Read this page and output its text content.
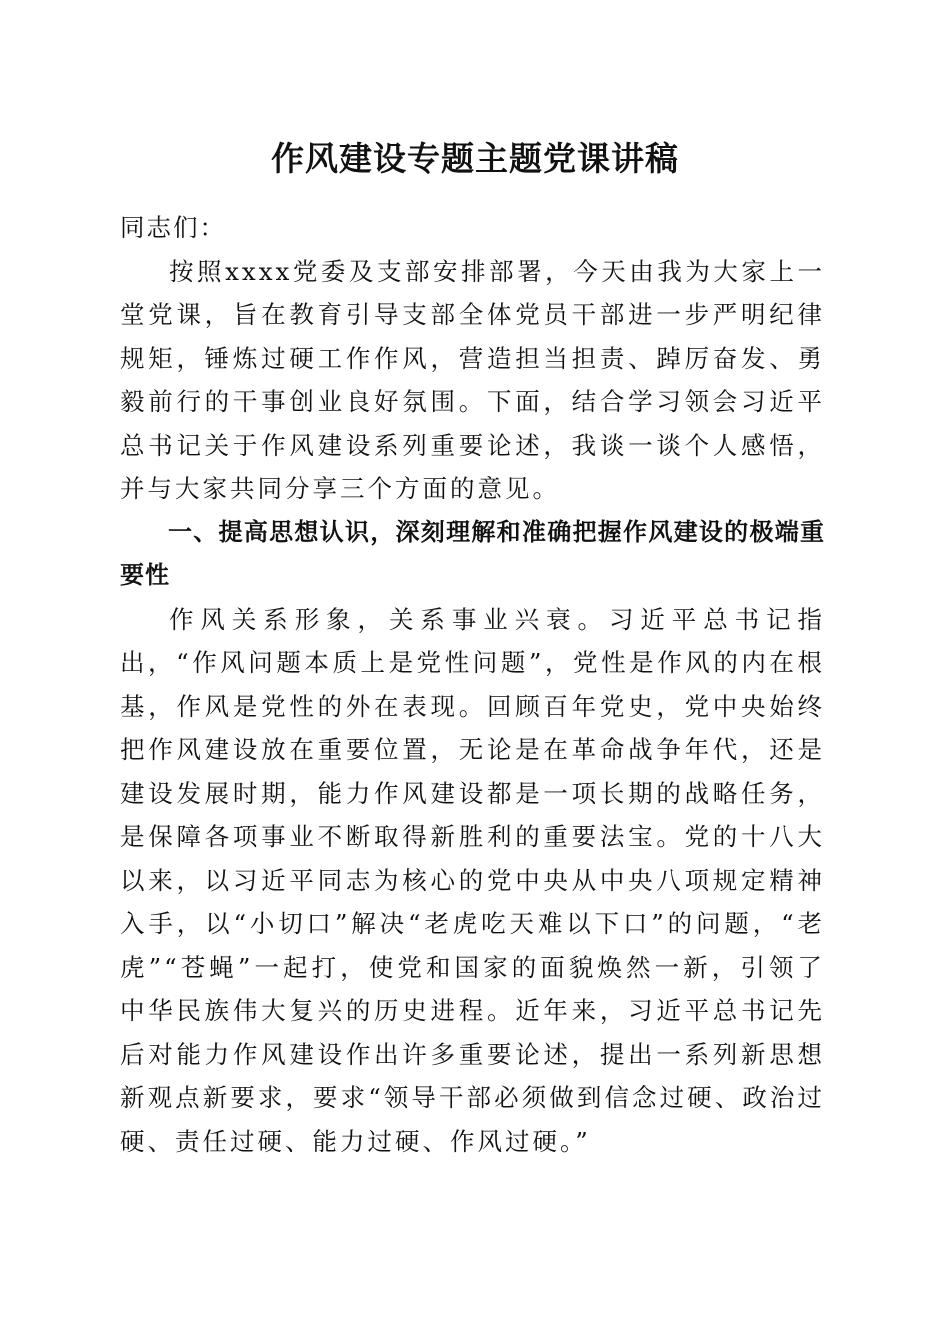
作风建设专题主题党课讲稿

同志们：

按照xxxx党委及支部安排部署，今天由我为大家上一堂党课，旨在教育引导支部全体党员干部进一步严明纪律规矩，锤炼过硬工作作风，营造担当担责、踔厉奋发、勇毅前行的干事创业良好氛围。下面，结合学习领会习近平总书记关于作风建设系列重要论述，我谈一谈个人感悟，并与大家共同分享三个方面的意见。

一、提高思想认识，深刻理解和准确把握作风建设的极端重要性

作风关系形象，关系事业兴衰。习近平总书记指出，“作风问题本质上是党性问题”，党性是作风的内在根基，作风是党性的外在表现。回顾百年党史，党中央始终把作风建设放在重要位置，无论是在革命战争年代，还是建设发展时期，能力作风建设都是一项长期的战略任务，是保障各项事业不断取得新胜利的重要法宝。党的十八大以来，以习近平同志为核心的党中央从中央八项规定精神入手，以“小切口”解决“老虎吃天难以下口”的问题，“老虎”“苍蝇”一起打，使党和国家的面貌焕然一新，引领了中华民族伟大复兴的历史进程。近年来，习近平总书记先后对能力作风建设作出许多重要论述，提出一系列新思想新观点新要求，要求“领导干部必须做到信念过硬、政治过硬、责任过硬、能力过硬、作风过硬。”
